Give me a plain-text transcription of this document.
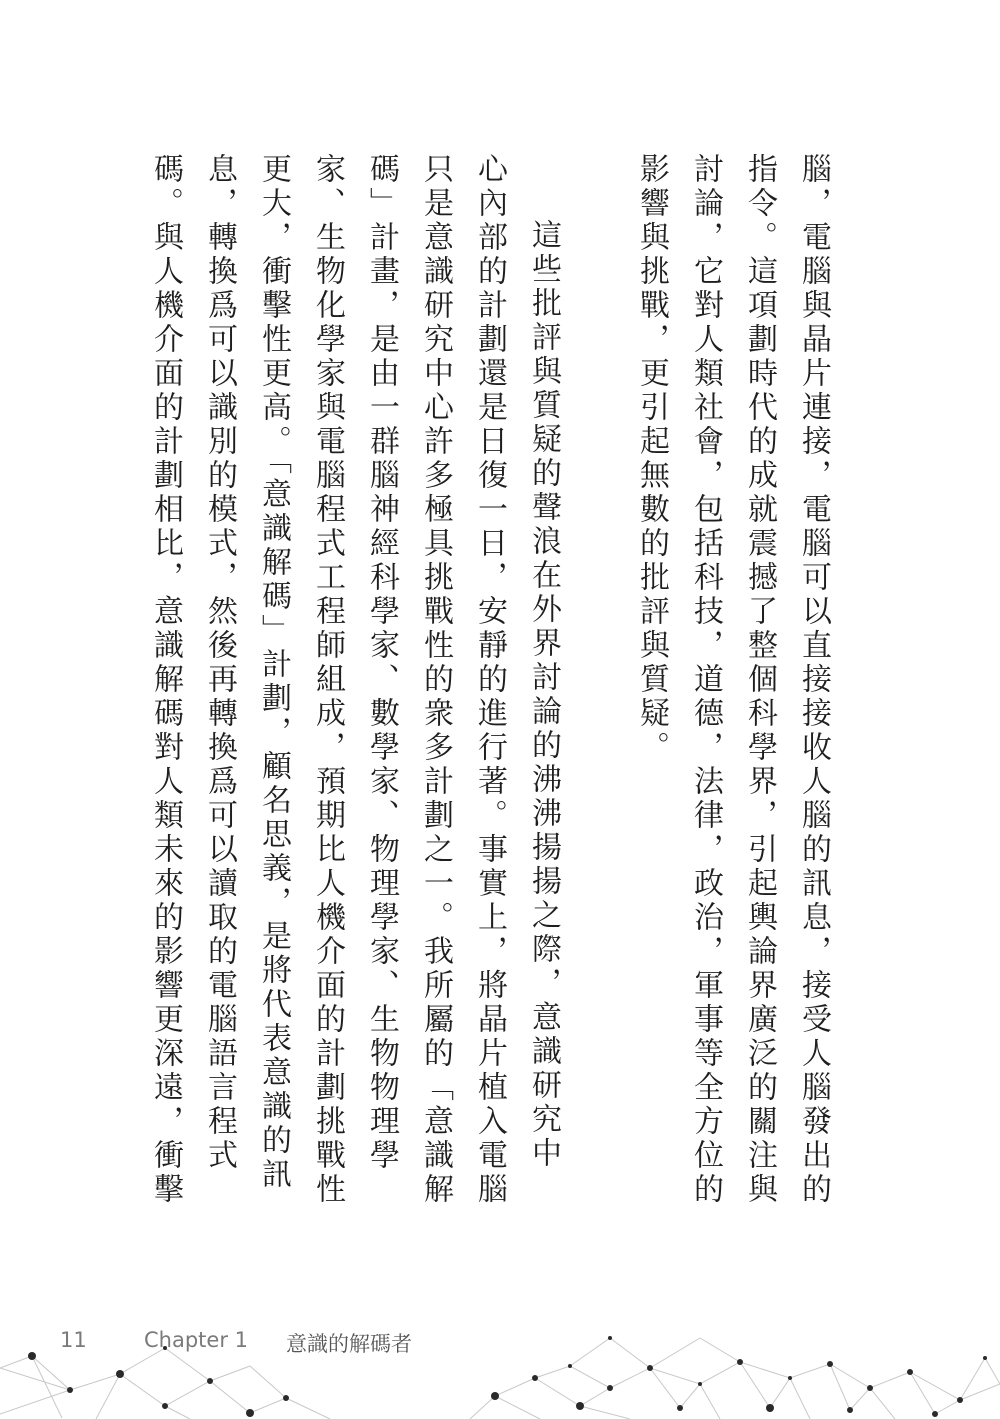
腦，電腦與晶片連接，電腦可以直接接收人腦的訊息，接受人腦發出的
指令。這項劃時代的成就震撼了整個科學界，引起輿論界廣泛的關注與
討論，它對人類社會，包括科技，道德，法律，政治，軍事等全方位的
影響與挑戰，更引起無數的批評與質疑。
這些批評與質疑的聲浪在外界討論的沸沸揚揚之際，意識研究中
心內部的計劃還是日復一日，安靜的進行著。事實上，將晶片植入電腦
只是意識研究中心許多極具挑戰性的衆多計劃之一。我所屬的「意識解
碼」計畫，是由一群腦神經科學家、數學家、物理學家、生物物理學
家、生物化學家與電腦程式工程師組成，預期比人機介面的計劃挑戰性
更大，衝擊性更高。「意識解碼」計劃，顧名思義，是將代表意識的訊
息，轉換爲可以識別的模式，然後再轉換爲可以讀取的電腦語言程式
碼。與人機介面的計劃相比，意識解碼對人類未來的影響更深遠，衝擊
11	Chapter 1 意識的解碼者
